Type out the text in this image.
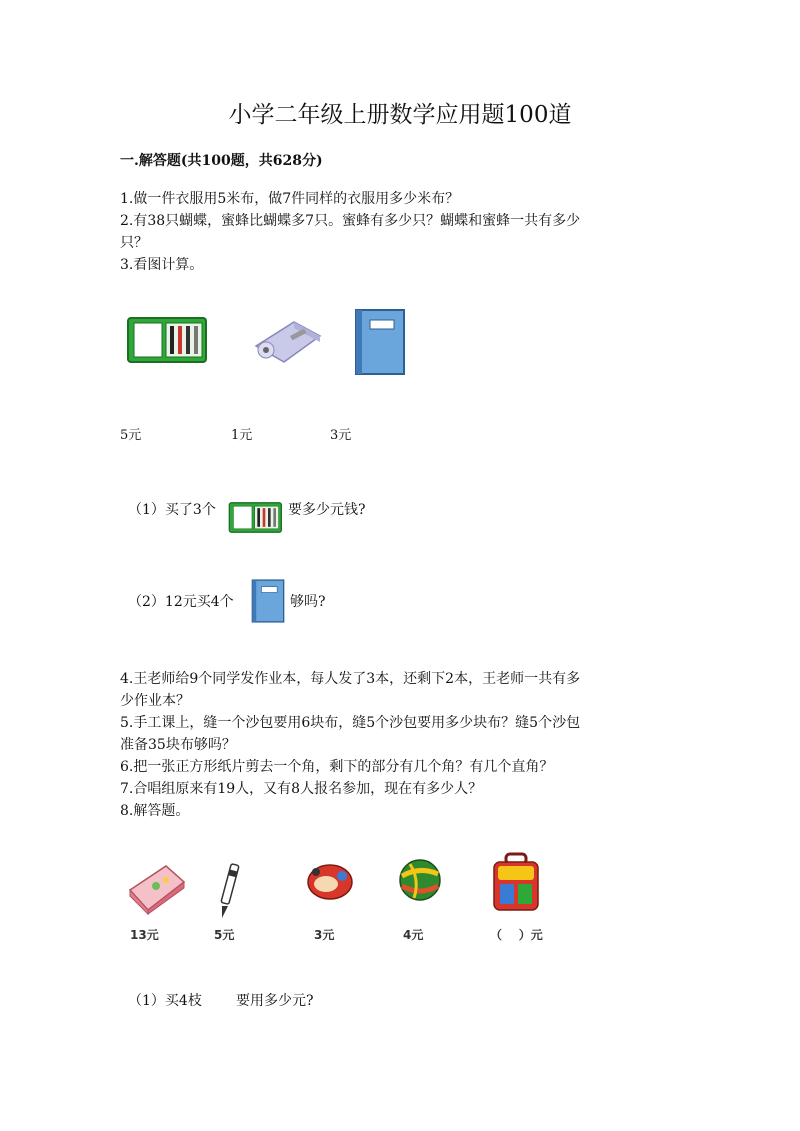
小学二年级上册数学应用题100道
一.解答题(共100题，共628分)
1.做一件衣服用5米布，做7件同样的衣服用多少米布？
2.有38只蝴蝶，蜜蜂比蝴蝶多7只。蜜蜂有多少只？蝴蝶和蜜蜂一共有多少
只？
3.看图计算。
5元	1元	3元
（1）买了3个	要多少元钱?
（2）12元买4个	够吗?
4.王老师给9个同学发作业本，每人发了3本，还剩下2本，王老师一共有多
少作业本？
5.手工课上，缝一个沙包要用6块布，缝5个沙包要用多少块布？缝5个沙包
准备35块布够吗？
6.把一张正方形纸片剪去一个角，剩下的部分有几个角？有几个直角？
7.合唱组原来有19人，又有8人报名参加，现在有多少人？
8.解答题。
13元	5元	3元	4元	（    ）元
（1）买4枝 要用多少元?
